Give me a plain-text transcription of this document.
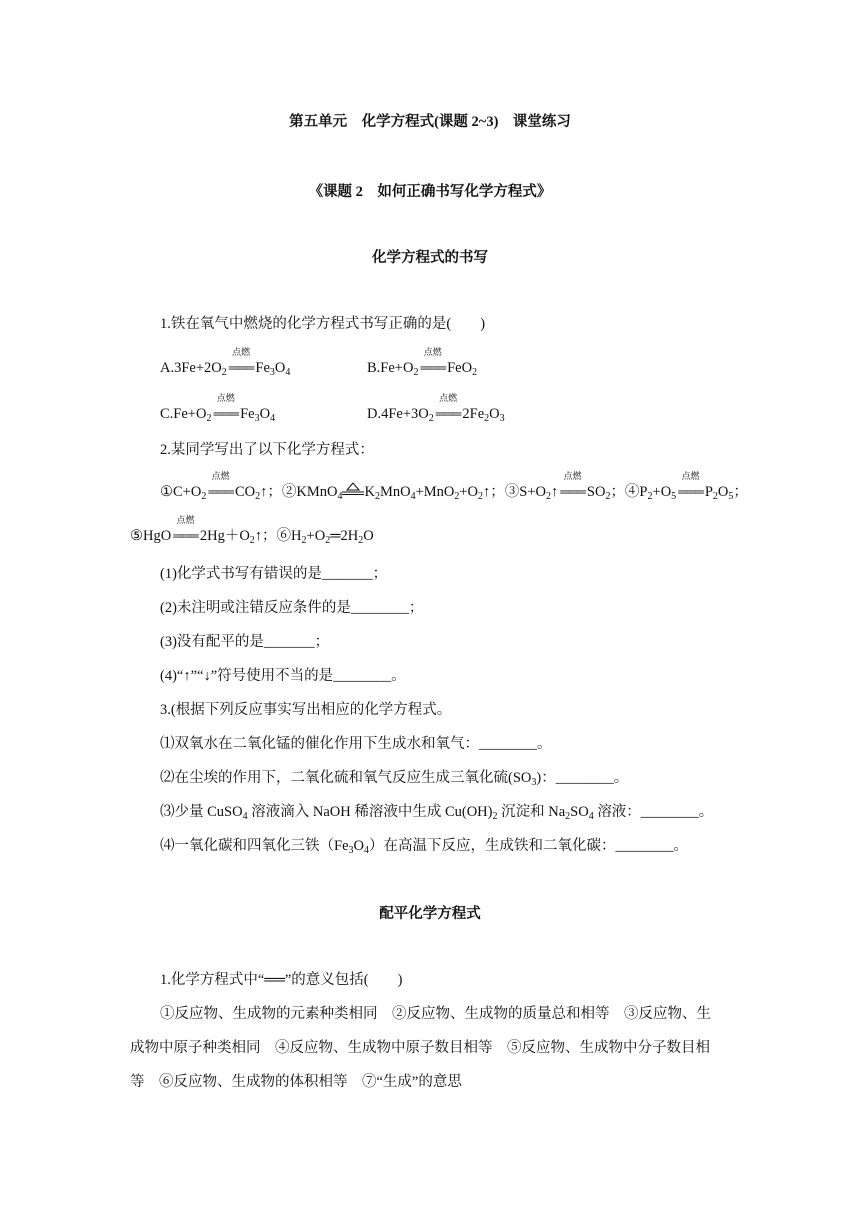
第五单元　化学方程式(课题 2~3)　课堂练习
《课题 2　如何正确书写化学方程式》
化学方程式的书写
1.铁在氧气中燃烧的化学方程式书写正确的是(　　)
$A.3Fe+2O_2$
点燃
═══ $Fe_3O_4$	$B.Fe+O_2$
点燃
═══ FeO$_2$
$C.Fe+O_2$
点燃
═══ $Fe_3O_4$	$D.4Fe+3O_2$
点燃
═══ $2Fe_2O_3$
2.某同学写出了以下化学方程式：
$①C+O_2$
点燃
═══ $CO_2↑$；②KMnO$_4$ $K_2MnO_4+MnO_2+O_2↑$；$③S+O_2↑$
点燃
═══ $SO_2$；$④P_2+O_5$
点燃
═══ $P_2O_5$；
⑤HgO
点燃
═══ $2Hg+O_2↑$；$⑥H_2+O_2═2H_2O$
(1)化学式书写有错误的是_______；
(2)未注明或注错反应条件的是________；
(3)没有配平的是_______；
(4)“↑”“↓”符号使用不当的是________。
3.(根据下列反应事实写出相应的化学方程式。
⑴双氧水在二氧化锰的催化作用下生成水和氧气：________。
⑵在尘埃的作用下，二氧化硫和氧气反应生成三氧化硫$(SO_3)$：________。
⑶少量 CuSO$_4$ 溶液滴入 NaOH 稀溶液中生成 $Cu(OH)_2$ 沉淀和 $Na_2SO_4$ 溶液：________。
⑷一氧化碳和四氧化三铁$(Fe_3O_4)$在高温下反应，生成铁和二氧化碳：________。
配平化学方程式
1.化学方程式中“══”的意义包括(　　)
①反应物、生成物的元素种类相同　②反应物、生成物的质量总和相等　③反应物、生
成物中原子种类相同　④反应物、生成物中原子数目相等　⑤反应物、生成物中分子数目相
等　⑥反应物、生成物的体积相等　⑦“生成”的意思
